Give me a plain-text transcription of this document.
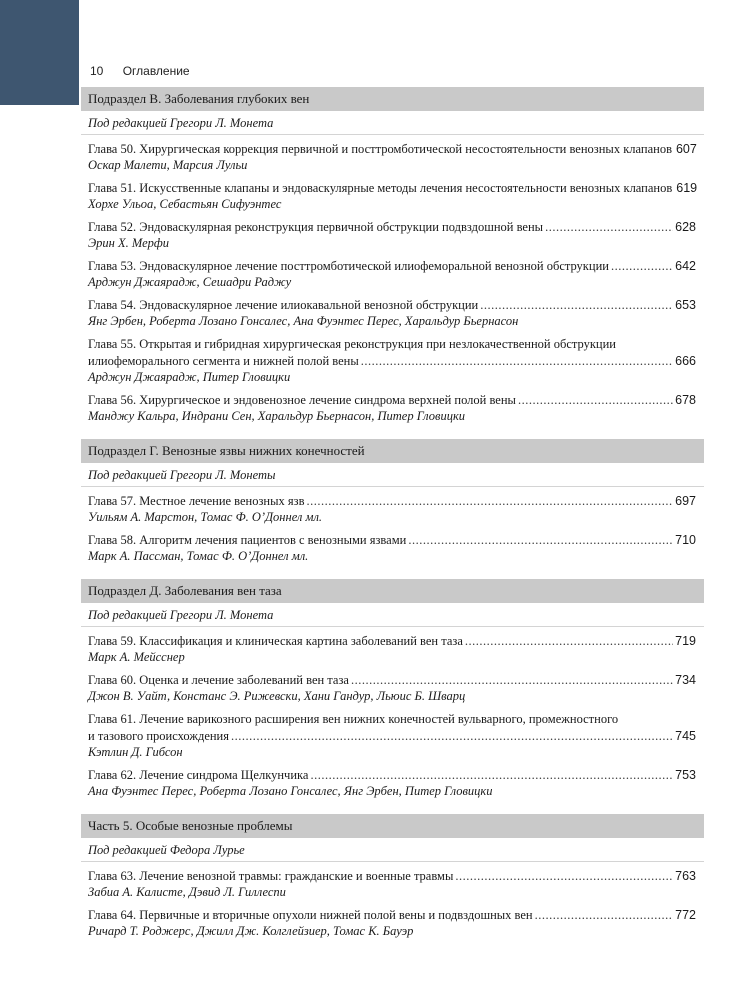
10 Оглавление
Подраздел В. Заболевания глубоких вен
Под редакцией Грегори Л. Монета
Глава 50. Хирургическая коррекция первичной и посттромботической несостоятельности венозных клапанов 607
Оскар Малети, Марсия Лульи
Глава 51. Искусственные клапаны и эндоваскулярные методы лечения несостоятельности венозных клапанов 619
Хорхе Ульоа, Себастьян Сифуэнтес
Глава 52. Эндоваскулярная реконструкция первичной обструкции подвздошной вены .....	628
Эрин Х. Мерфи
Глава 53. Эндоваскулярное лечение посттромботической илиофеморальной венозной обструкции .....	642
Арджун Джаярадж, Сешадри Раджу
Глава 54. Эндоваскулярное лечение илиокавальной венозной обструкции .....	653
Янг Эрбен, Роберта Лозано Гонсалес, Ана Фуэнтес Перес, Харальдур Бьернасон
Глава 55. Открытая и гибридная хирургическая реконструкция при незлокачественной обструкции
илиофеморального сегмента и нижней полой вены .....	666
Арджун Джаярадж, Питер Гловицки
Глава 56. Хирургическое и эндовенозное лечение синдрома верхней полой вены .....	678
Манджу Кальра, Индрани Сен, Харальдур Бьернасон, Питер Гловицки
Подраздел Г. Венозные язвы нижних конечностей
Под редакцией Грегори Л. Монеты
Глава 57. Местное лечение венозных язв .....	697
Уильям А. Марстон, Томас Ф. О’Доннел мл.
Глава 58. Алгоритм лечения пациентов с венозными язвами .....	710
Марк А. Пассман, Томас Ф. О’Доннел мл.
Подраздел Д. Заболевания вен таза
Под редакцией Грегори Л. Монета
Глава 59. Классификация и клиническая картина заболеваний вен таза .....	719
Марк А. Мейсснер
Глава 60. Оценка и лечение заболеваний вен таза .....	734
Джон В. Уайт, Констанс Э. Рижевски, Хани Гандур, Льюис Б. Шварц
Глава 61. Лечение варикозного расширения вен нижних конечностей вульварного, промежностного
и тазового происхождения .....	745
Кэтлин Д. Гибсон
Глава 62. Лечение синдрома Щелкунчика .....	753
Ана Фуэнтес Перес, Роберта Лозано Гонсалес, Янг Эрбен, Питер Гловицки
Часть 5. Особые венозные проблемы
Под редакцией Федора Лурье
Глава 63. Лечение венозной травмы: гражданские и военные травмы .....	763
Забиа А. Калисте, Дэвид Л. Гиллеспи
Глава 64. Первичные и вторичные опухоли нижней полой вены и подвздошных вен .....	772
Ричард Т. Роджерс, Джилл Дж. Колглейзиер, Томас К. Бауэр
